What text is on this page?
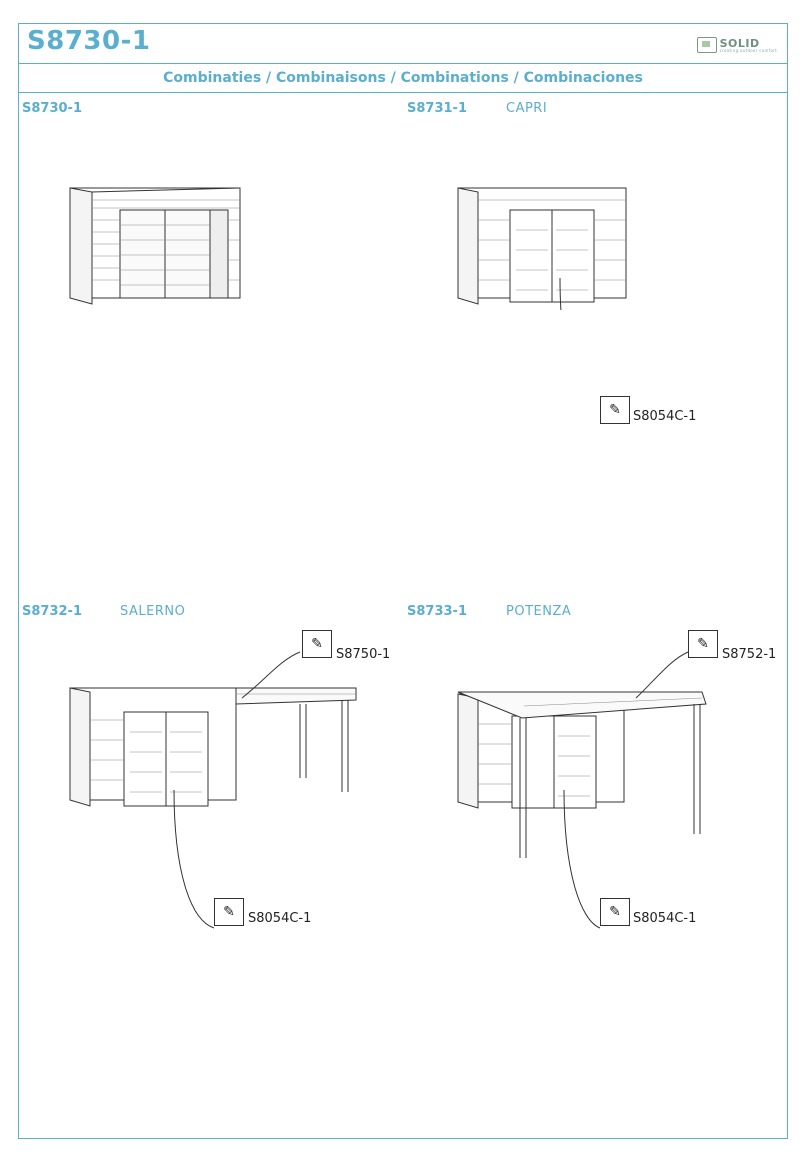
S8730-1	SOLID
creating outdoor comfort
Combinaties / Combinaisons / Combinations / Combinaciones
S8730-1	S8731-1	CAPRI
S8732-1	SALERNO	S8733-1	POTENZA
✎ S8054C-1
✎
S8750-1
✎	S8054C-1
✎
S8752-1
✎ S8054C-1
